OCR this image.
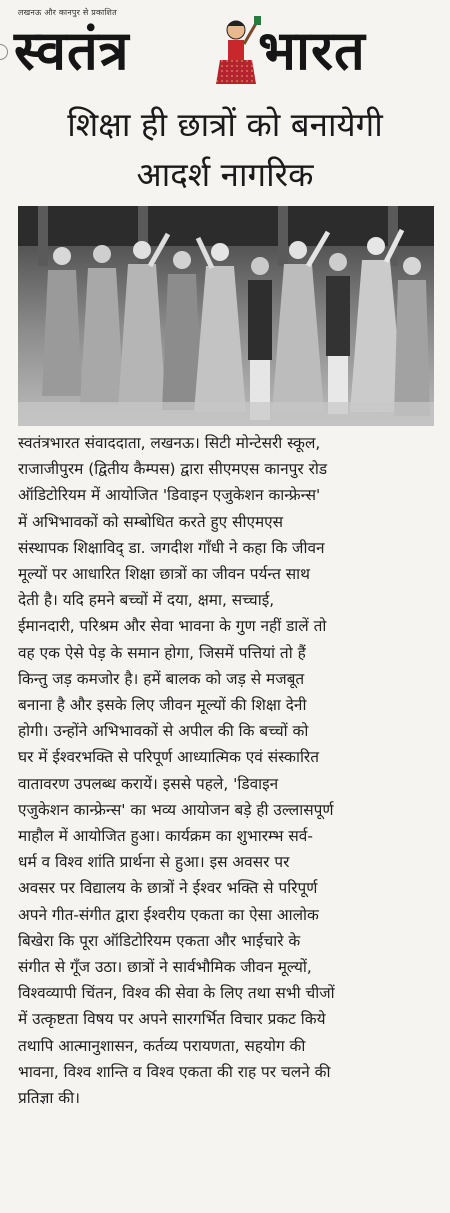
लखनऊ और कानपुर से प्रकाशित
स्वतंत्र भारत
शिक्षा ही छात्रों को बनायेगी
आदर्श नागरिक

स्वतंत्रभारत संवाददाता, लखनऊ। सिटी मोन्टेसरी स्कूल,

राजाजीपुरम (द्वितीय कैम्पस) द्वारा सीएमएस कानपुर रोड

ऑडिटोरियम में आयोजित 'डिवाइन एजुकेशन कान्फ्रेन्स'

में अभिभावकों को सम्बोधित करते हुए सीएमएस

संस्थापक शिक्षाविद् डा. जगदीश गाँधी ने कहा कि जीवन

मूल्यों पर आधारित शिक्षा छात्रों का जीवन पर्यन्त साथ

देती है। यदि हमने बच्चों में दया, क्षमा, सच्चाई,

ईमानदारी, परिश्रम और सेवा भावना के गुण नहीं डालें तो

वह एक ऐसे पेड़ के समान होगा, जिसमें पत्तियां तो हैं

किन्तु जड़ कमजोर है। हमें बालक को जड़ से मजबूत

बनाना है और इसके लिए जीवन मूल्यों की शिक्षा देनी

होगी। उन्होंने अभिभावकों से अपील की कि बच्चों को

घर में ईश्वरभक्ति से परिपूर्ण आध्यात्मिक एवं संस्कारित

वातावरण उपलब्ध करायें। इससे पहले, 'डिवाइन

एजुकेशन कान्फ्रेन्स' का भव्य आयोजन बड़े ही उल्लासपूर्ण

माहौल में आयोजित हुआ। कार्यक्रम का शुभारम्भ सर्व-

धर्म व विश्व शांति प्रार्थना से हुआ। इस अवसर पर

अवसर पर विद्यालय के छात्रों ने ईश्वर भक्ति से परिपूर्ण

अपने गीत-संगीत द्वारा ईश्वरीय एकता का ऐसा आलोक

बिखेरा कि पूरा ऑडिटोरियम एकता और भाईचारे के

संगीत से गूँज उठा। छात्रों ने सार्वभौमिक जीवन मूल्यों,

विश्वव्यापी चिंतन, विश्व की सेवा के लिए तथा सभी चीजों

में उत्कृष्टता विषय पर अपने सारगर्भित विचार प्रकट किये

तथापि आत्मानुशासन, कर्तव्य परायणता, सहयोग की

भावना, विश्व शान्ति व विश्व एकता की राह पर चलने की

प्रतिज्ञा की।
